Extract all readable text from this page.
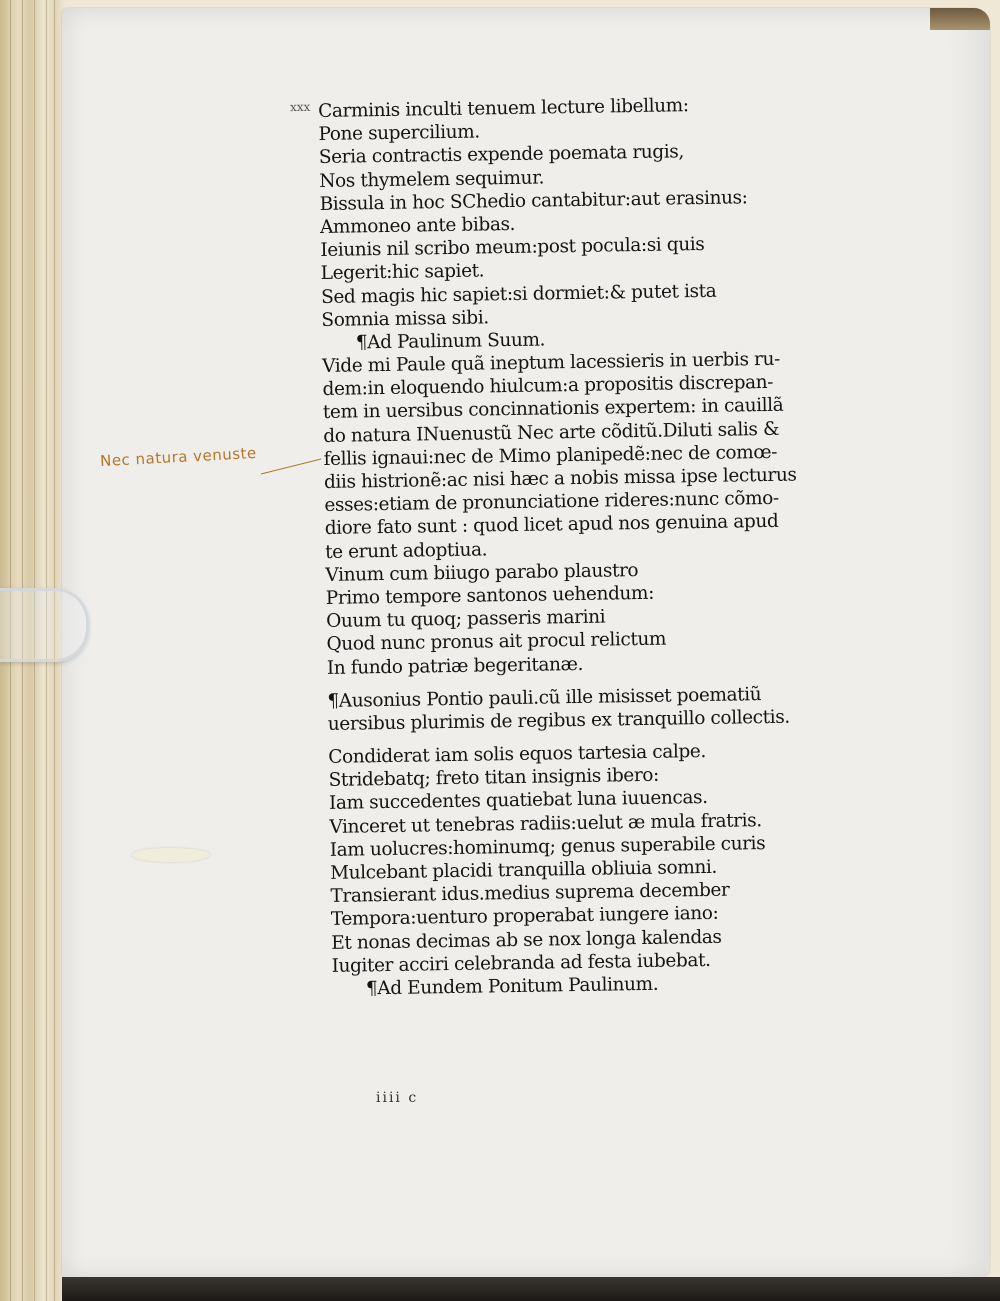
xxx
Nec natura venuste
Carminis inculti tenuem lecture libellum:
Pone supercilium.
Seria contractis expende poemata rugis,
Nos thymelem sequimur.
Bissula in hoc SChedio cantabitur:aut erasinus:
Ammoneo ante bibas.
Ieiunis nil scribo meum:post pocula:si quis
Legerit:hic sapiet.
Sed magis hic sapiet:si dormiet:& putet ista
Somnia missa sibi.
¶Ad Paulinum Suum.
Vide mi Paule quã ineptum lacessieris in uerbis ru-
dem:in eloquendo hiulcum:a propositis discrepan-
tem in uersibus concinnationis expertem: in cauillã
do natura INuenustũ Nec arte cõditũ.Diluti salis &
fellis ignaui:nec de Mimo planipedẽ:nec de comœ-
diis histrionẽ:ac nisi hæc a nobis missa ipse lecturus
esses:etiam de pronunciatione rideres:nunc cõmo-
diore fato sunt : quod licet apud nos genuina apud
te erunt adoptiua.
Vinum cum biiugo parabo plaustro
Primo tempore santonos uehendum:
Ouum tu quoq; passeris marini
Quod nunc pronus ait procul relictum
In fundo patriæ begeritanæ.
¶Ausonius Pontio pauli.cũ ille misisset poematiũ
uersibus plurimis de regibus ex tranquillo collectis.
Condiderat iam solis equos tartesia calpe.
Stridebatq; freto titan insignis ibero:
Iam succedentes quatiebat luna iuuencas.
Vinceret ut tenebras radiis:uelut æ mula fratris.
Iam uolucres:hominumq; genus superabile curis
Mulcebant placidi tranquilla obliuia somni.
Transierant idus.medius suprema december
Tempora:uenturo properabat iungere iano:
Et nonas decimas ab se nox longa kalendas
Iugiter acciri celebranda ad festa iubebat.
¶Ad Eundem Ponitum Paulinum.
iiii c
